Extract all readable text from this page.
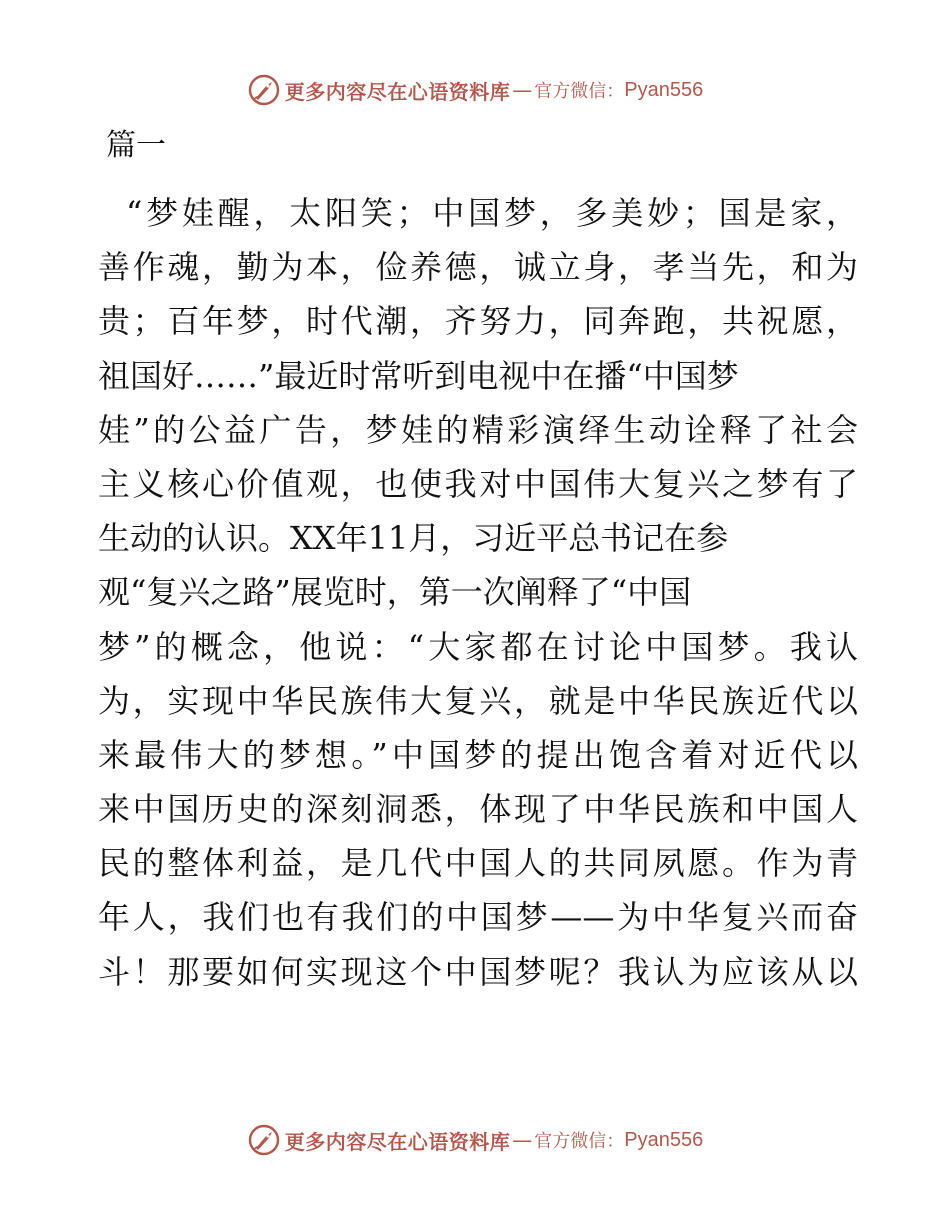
更多内容尽在心语资料库 — 官方微信： Pyan556
篇一
“梦娃醒，太阳笑；中国梦，多美妙；国是家，
善作魂，勤为本，俭养德，诚立身，孝当先，和为
贵；百年梦，时代潮，齐努力，同奔跑，共祝愿，
祖国好……”最近时常听到电视中在播“中国梦
娃”的公益广告，梦娃的精彩演绎生动诠释了社会
主义核心价值观，也使我对中国伟大复兴之梦有了
生动的认识。XX年11月，习近平总书记在参
观“复兴之路”展览时，第一次阐释了“中国
梦”的概念，他说：“大家都在讨论中国梦。我认
为，实现中华民族伟大复兴，就是中华民族近代以
来最伟大的梦想。”中国梦的提出饱含着对近代以
来中国历史的深刻洞悉，体现了中华民族和中国人
民的整体利益，是几代中国人的共同夙愿。作为青
年人，我们也有我们的中国梦——为中华复兴而奋
斗！那要如何实现这个中国梦呢？我认为应该从以
更多内容尽在心语资料库 — 官方微信： Pyan556
